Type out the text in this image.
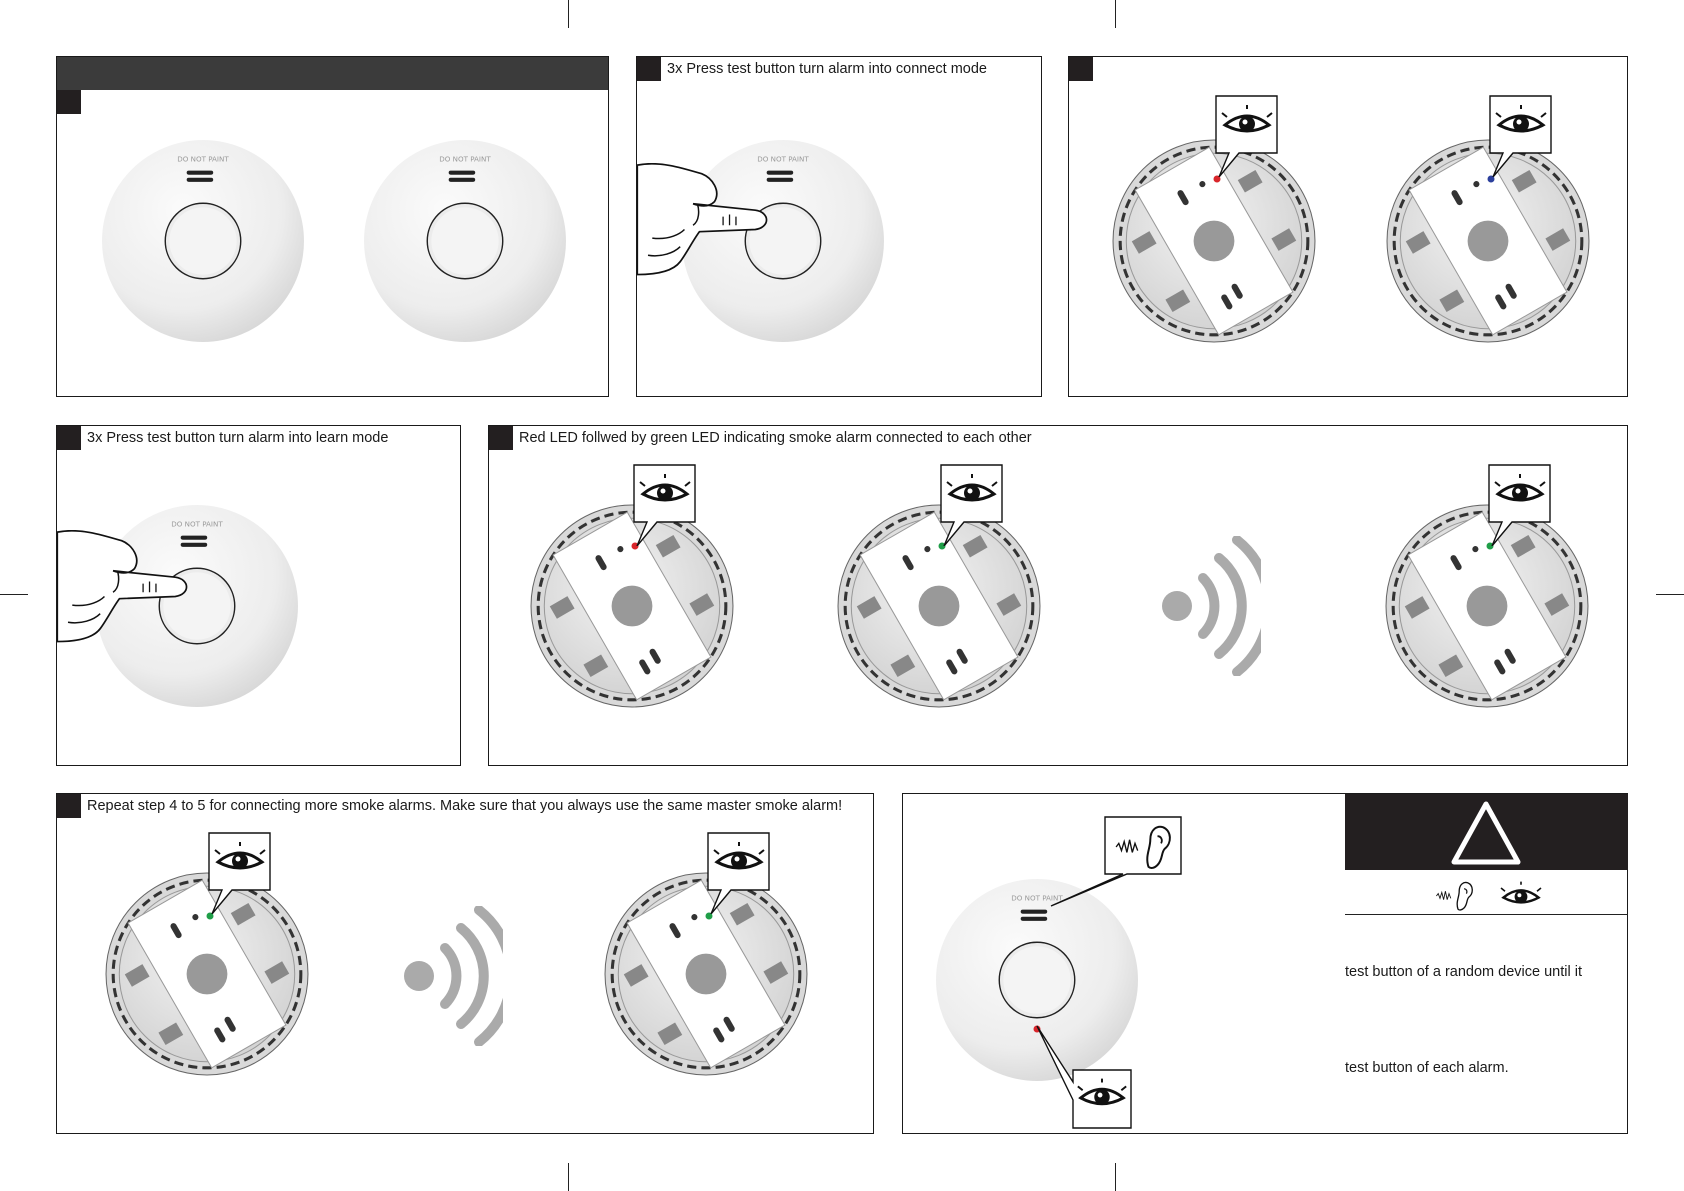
DO NOT PAINT	DO NOT PAINT
3x Press test button turn alarm into connect mode
DO NOT PAINT
3x Press test button turn alarm into learn mode
DO NOT PAINT
Red LED follwed by green LED indicating smoke alarm connected to each other
Repeat step 4 to 5 for connecting more smoke alarms. Make sure that you always use the same master smoke alarm!
DO NOT PAINT
test button of a random device until it
test button of each alarm.
